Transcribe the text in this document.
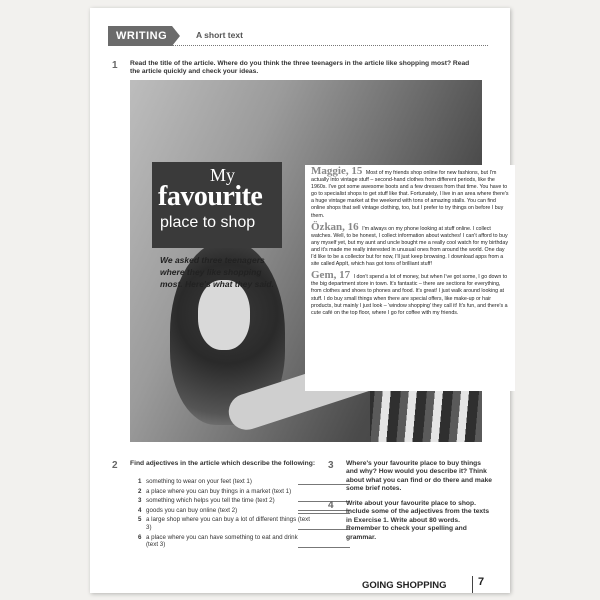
WRITING	A short text
1 Read the title of the article. Where do you think the three teenagers in the article like shopping most? Read the article quickly and check your ideas.
My
favourite
place to shop
We asked three teenagers where they like shopping most. Here's what they said.

Maggie, 15 Most of my friends shop online for new fashions, but I'm actually into vintage stuff – second-hand clothes from different periods, like the 1960s. I've got some awesome boots and a few dresses from that time. You have to go to specialist shops to get stuff like that. Fortunately, I live in an area where there's a huge vintage market at the weekend with tons of amazing stalls. You can find online shops that sell vintage clothing, too, but I prefer to try things on before I buy them.

Özkan, 16 I'm always on my phone looking at stuff online. I collect watches. Well, to be honest, I collect information about watches! I can't afford to buy any myself yet, but my aunt and uncle bought me a really cool watch for my birthday and it's made me really interested in unusual ones from around the world. One day I'd like to be a collector but for now, I'll just keep browsing. I download apps from a site called AppIt, which has got tons of brilliant stuff!

Gem, 17 I don't spend a lot of money, but when I've got some, I go down to the big department store in town. It's fantastic – there are sections for everything, from clothes and shoes to phones and food. It's great! I just walk around looking at stuff. I do buy small things when there are special offers, like make-up or hair products, but mainly I just look – 'window shopping' they call it! It's fun, and there's a cute café on the top floor, where I go for coffee with my friends.

2 Find adjectives in the article which describe the following:
1 something to wear on your feet (text 1)
2 a place where you can buy things in a market (text 1)
3 something which helps you tell the time (text 2)
4 goods you can buy online (text 2)
5 a large shop where you can buy a lot of different things (text 3)
6 a place where you can have something to eat and drink (text 3)
3 Where's your favourite place to buy things and why? How would you describe it? Think about what you can find or do there and make some brief notes.
4 Write about your favourite place to shop. Include some of the adjectives from the texts in Exercise 1. Write about 80 words. Remember to check your spelling and grammar.
GOING SHOPPING	7
